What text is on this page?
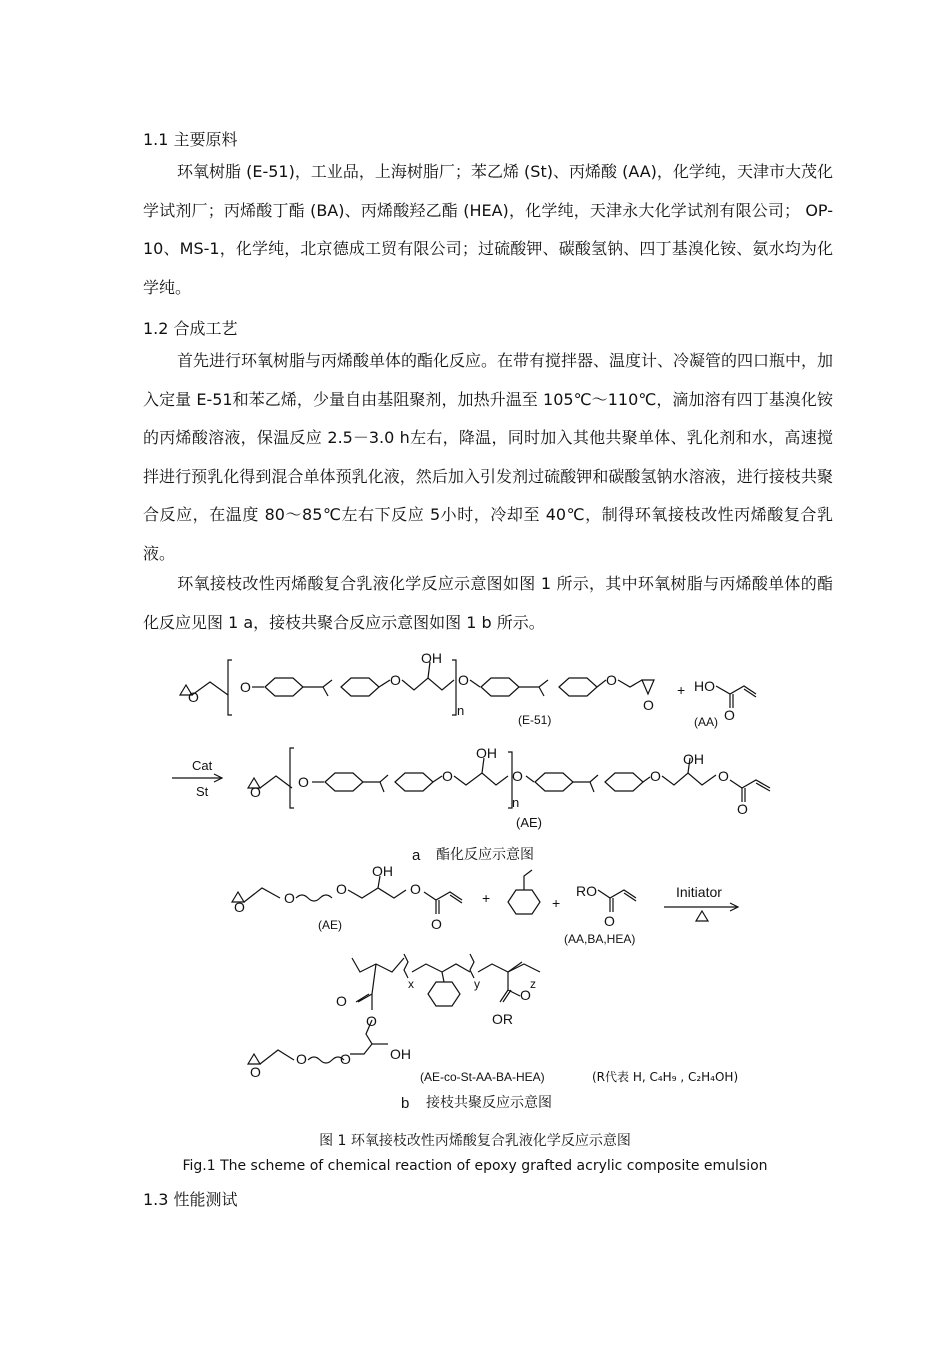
1.1 主要原料
环氧树脂 (E-51)，工业品，上海树脂厂；苯乙烯 (St)、丙烯酸 (AA)，化学纯，天津市大茂化学试剂厂；丙烯酸丁酯 (BA)、丙烯酸羟乙酯 (HEA)，化学纯，天津永大化学试剂有限公司； OP-10、MS-1，化学纯，北京德成工贸有限公司；过硫酸钾、碳酸氢钠、四丁基溴化铵、氨水均为化学纯。
1.2 合成工艺
首先进行环氧树脂与丙烯酸单体的酯化反应。在带有搅拌器、温度计、冷凝管的四口瓶中，加入定量 E-51和苯乙烯，少量自由基阻聚剂，加热升温至 105℃～110℃，滴加溶有四丁基溴化铵的丙烯酸溶液，保温反应 2.5－3.0 h左右，降温，同时加入其他共聚单体、乳化剂和水，高速搅拌进行预乳化得到混合单体预乳化液，然后加入引发剂过硫酸钾和碳酸氢钠水溶液，进行接枝共聚合反应，在温度 80～85℃左右下反应 5小时，冷却至 40℃，制得环氧接枝改性丙烯酸复合乳液。
环氧接枝改性丙烯酸复合乳液化学反应示意图如图 1 所示，其中环氧树脂与丙烯酸单体的酯化反应见图 1 a，接枝共聚合反应示意图如图 1 b 所示。
O
O	O
OH
O
n
O
O
(E-51)
+ HO
O
(AA)
Cat
St	O
O	O
OH
O
n
O
OH
O
O
(AE)
a 酯化反应示意图
O
O
O
OH
O
O
(AE)
+	+
RO
O
(AA,BA,HEA)
Initiator
x	y	z
O
O
O
OR
OH
O
O
O	(AE-co-St-AA-BA-HEA)	(R代表 H, C₄H₉ , C₂H₄OH)
b 接枝共聚反应示意图
图 1 环氧接枝改性丙烯酸复合乳液化学反应示意图
Fig.1 The scheme of chemical reaction of epoxy grafted acrylic composite emulsion
1.3 性能测试
